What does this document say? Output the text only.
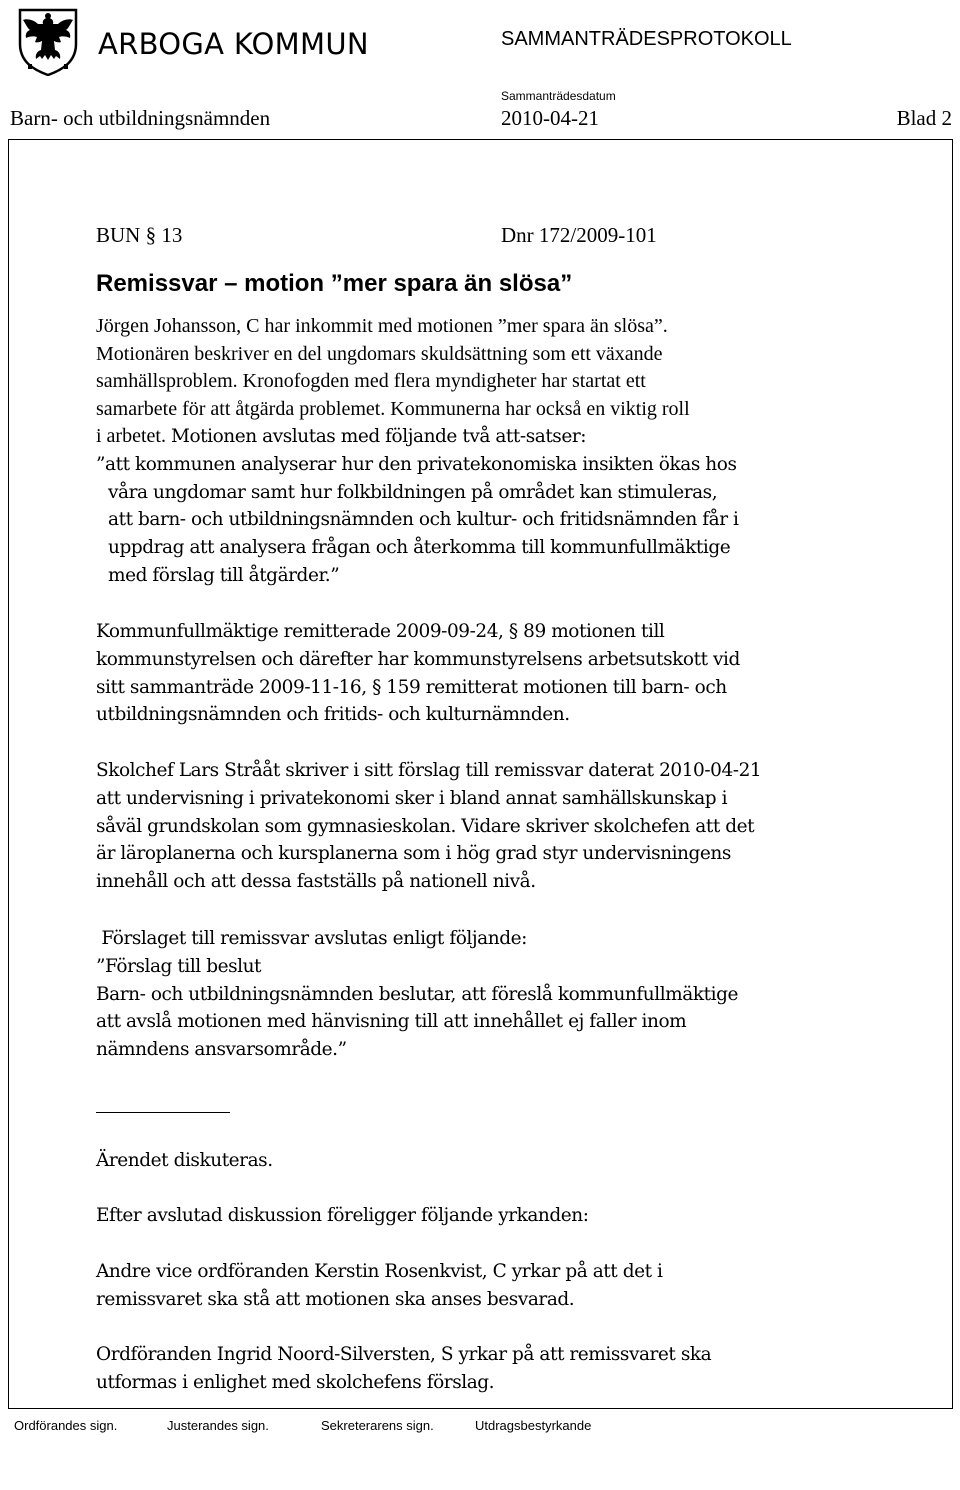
ARBOGA KOMMUN	SAMMANTRÄDESPROTOKOLL
Sammanträdesdatum
Barn- och utbildningsnämnden	2010-04-21	Blad 2
BUN § 13	Dnr 172/2009-101
Remissvar – motion ”mer spara än slösa”
Jörgen Johansson, C har inkommit med motionen ”mer spara än slösa”.
Motionären beskriver en del ungdomars skuldsättning som ett växande
samhällsproblem. Kronofogden med flera myndigheter har startat ett
samarbete för att åtgärda problemet. Kommunerna har också en viktig roll
i arbetet. Motionen avslutas med följande två att-satser:
”att kommunen analyserar hur den privatekonomiska insikten ökas hos
våra ungdomar samt hur folkbildningen på området kan stimuleras,
att barn- och utbildningsnämnden och kultur- och fritidsnämnden får i
uppdrag att analysera frågan och återkomma till kommunfullmäktige
med förslag till åtgärder.”
Kommunfullmäktige remitterade 2009-09-24, § 89 motionen till
kommunstyrelsen och därefter har kommunstyrelsens arbetsutskott vid
sitt sammanträde 2009-11-16, § 159 remitterat motionen till barn- och
utbildningsnämnden och fritids- och kulturnämnden.
Skolchef Lars Strååt skriver i sitt förslag till remissvar daterat 2010-04-21
att undervisning i privatekonomi sker i bland annat samhällskunskap i
såväl grundskolan som gymnasieskolan. Vidare skriver skolchefen att det
är läroplanerna och kursplanerna som i hög grad styr undervisningens
innehåll och att dessa fastställs på nationell nivå.
Förslaget till remissvar avslutas enligt följande:
”Förslag till beslut
Barn- och utbildningsnämnden beslutar, att föreslå kommunfullmäktige
att avslå motionen med hänvisning till att innehållet ej faller inom
nämndens ansvarsområde.”
Ärendet diskuteras.
Efter avslutad diskussion föreligger följande yrkanden:
Andre vice ordföranden Kerstin Rosenkvist, C yrkar på att det i
remissvaret ska stå att motionen ska anses besvarad.
Ordföranden Ingrid Noord-Silversten, S yrkar på att remissvaret ska
utformas i enlighet med skolchefens förslag.
Ordförandes sign.	Justerandes sign.	Sekreterarens sign.	Utdragsbestyrkande
